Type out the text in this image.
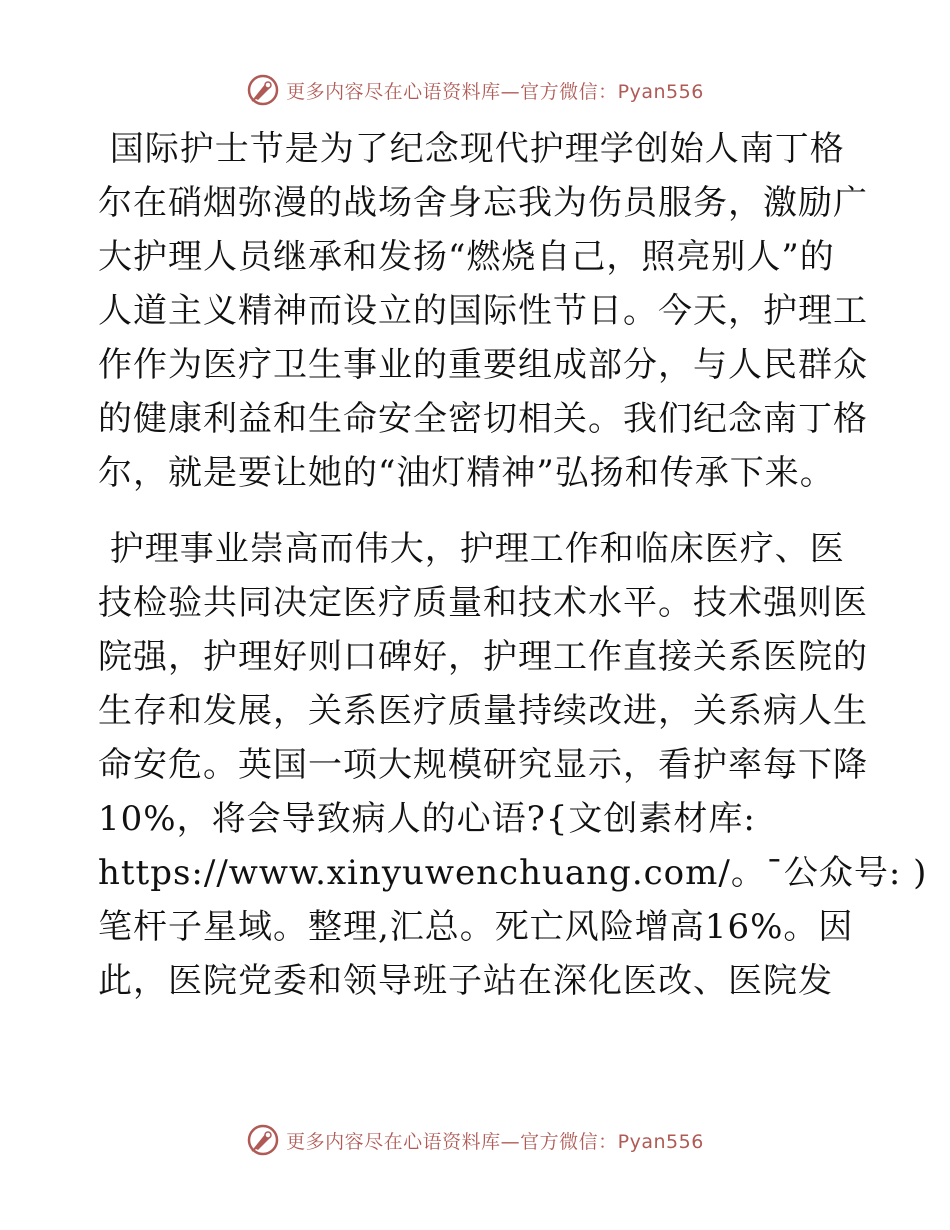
更多内容尽在心语资料库—官方微信：Pyan556
国际护士节是为了纪念现代护理学创始人南丁格
尔在硝烟弥漫的战场舍身忘我为伤员服务，激励广
大护理人员继承和发扬“燃烧自己，照亮别人”的
人道主义精神而设立的国际性节日。今天，护理工
作作为医疗卫生事业的重要组成部分，与人民群众
的健康利益和生命安全密切相关。我们纪念南丁格
尔，就是要让她的“油灯精神”弘扬和传承下来。
护理事业崇高而伟大，护理工作和临床医疗、医
技检验共同决定医疗质量和技术水平。技术强则医
院强，护理好则口碑好，护理工作直接关系医院的
生存和发展，关系医疗质量持续改进，关系病人生
命安危。英国一项大规模研究显示，看护率每下降
10%，将会导致病人的心语?{文创素材库:
https://www.xinyuwenchuang.com/。¯公众号: )
笔杆子星域。整理,汇总。死亡风险增高16%。因
此，医院党委和领导班子站在深化医改、医院发
更多内容尽在心语资料库—官方微信：Pyan556
